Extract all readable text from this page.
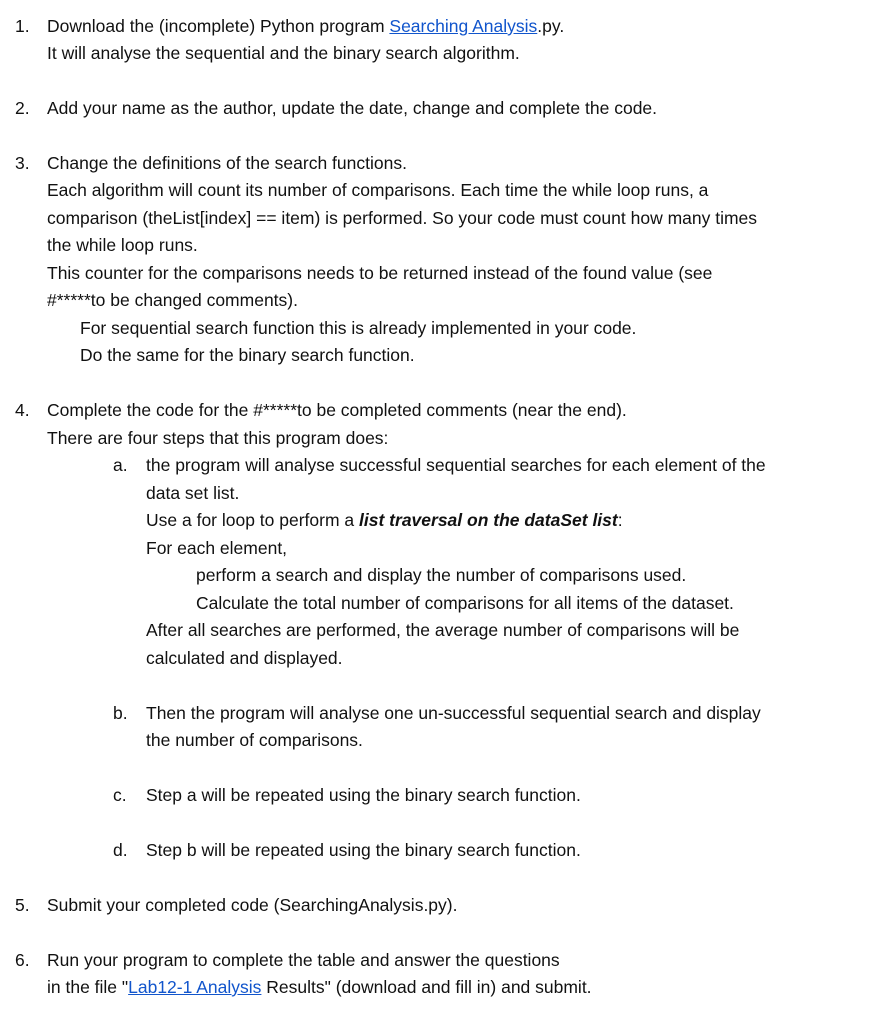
1. Download the (incomplete) Python program Searching Analysis.py.
It will analyse the sequential and the binary search algorithm.
2. Add your name as the author, update the date, change and complete the code.
3. Change the definitions of the search functions.
Each algorithm will count its number of comparisons. Each time the while loop runs, a
comparison (theList[index] == item) is performed. So your code must count how many times
the while loop runs.
This counter for the comparisons needs to be returned instead of the found value (see
#*****to be changed comments).
For sequential search function this is already implemented in your code.
Do the same for the binary search function.
4. Complete the code for the #*****to be completed comments (near the end).
There are four steps that this program does:
a. the program will analyse successful sequential searches for each element of the
data set list.
Use a for loop to perform a list traversal on the dataSet list:
For each element,
perform a search and display the number of comparisons used.
Calculate the total number of comparisons for all items of the dataset.
After all searches are performed, the average number of comparisons will be
calculated and displayed.
b. Then the program will analyse one un-successful sequential search and display
the number of comparisons.
c. Step a will be repeated using the binary search function.
d. Step b will be repeated using the binary search function.
5. Submit your completed code (SearchingAnalysis.py).
6. Run your program to complete the table and answer the questions
in the file "Lab12-1 Analysis Results" (download and fill in) and submit.
